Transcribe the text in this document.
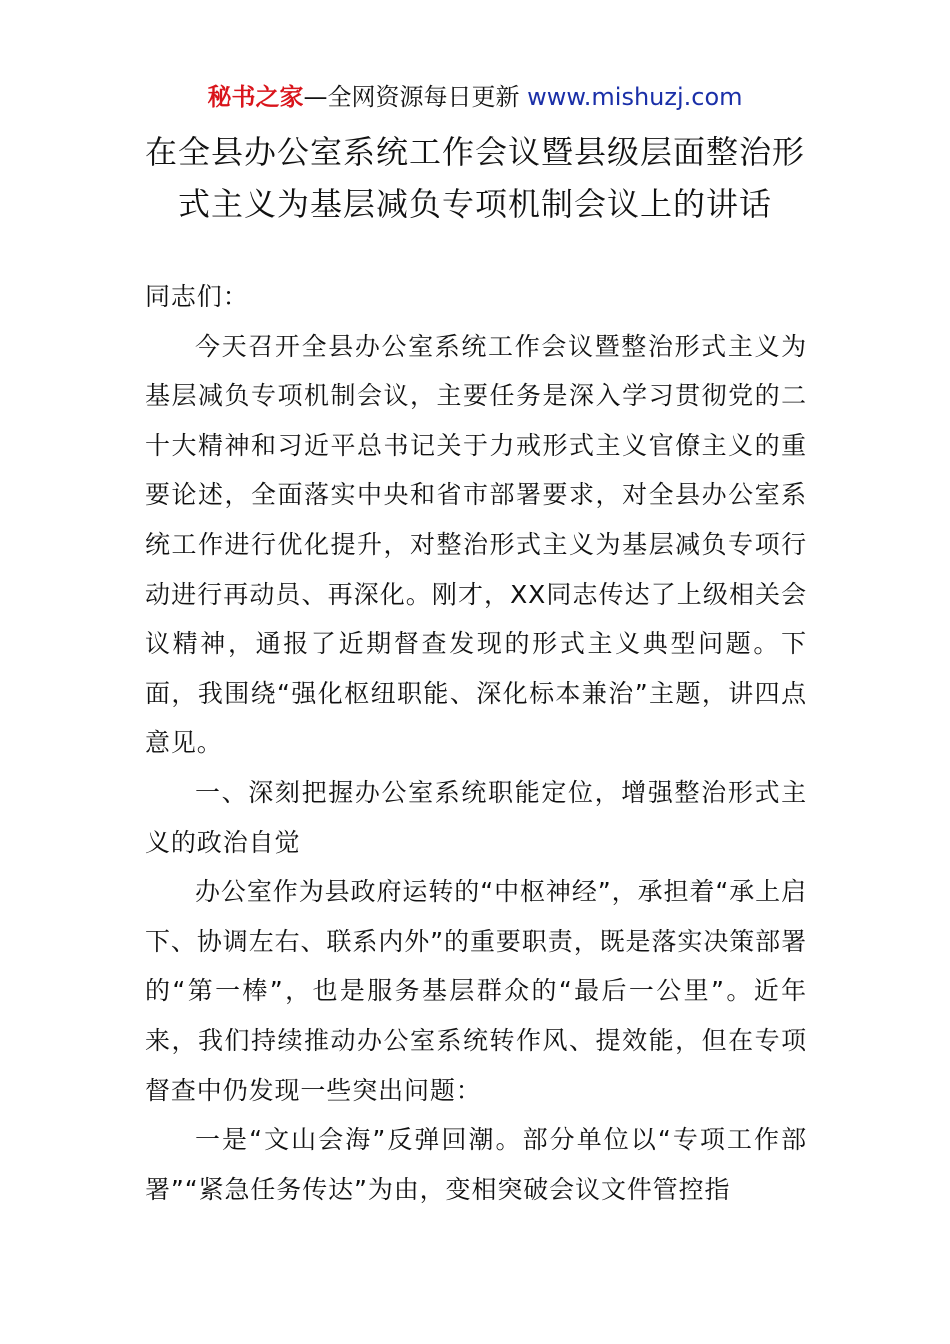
秘书之家—全网资源每日更新 www.mishuzj.com
在全县办公室系统工作会议暨县级层面整治形式主义为基层减负专项机制会议上的讲话

同志们：

今天召开全县办公室系统工作会议暨整治形式主义为基层减负专项机制会议，主要任务是深入学习贯彻党的二十大精神和习近平总书记关于力戒形式主义官僚主义的重要论述，全面落实中央和省市部署要求，对全县办公室系统工作进行优化提升，对整治形式主义为基层减负专项行动进行再动员、再深化。刚才，XX同志传达了上级相关会议精神，通报了近期督查发现的形式主义典型问题。下面，我围绕“强化枢纽职能、深化标本兼治”主题，讲四点意见。

一、深刻把握办公室系统职能定位，增强整治形式主义的政治自觉

办公室作为县政府运转的“中枢神经”，承担着“承上启下、协调左右、联系内外”的重要职责，既是落实决策部署的“第一棒”，也是服务基层群众的“最后一公里”。近年来，我们持续推动办公室系统转作风、提效能，但在专项督查中仍发现一些突出问题：

一是“文山会海”反弹回潮。部分单位以“专项工作部署”“紧急任务传达”为由，变相突破会议文件管控指
